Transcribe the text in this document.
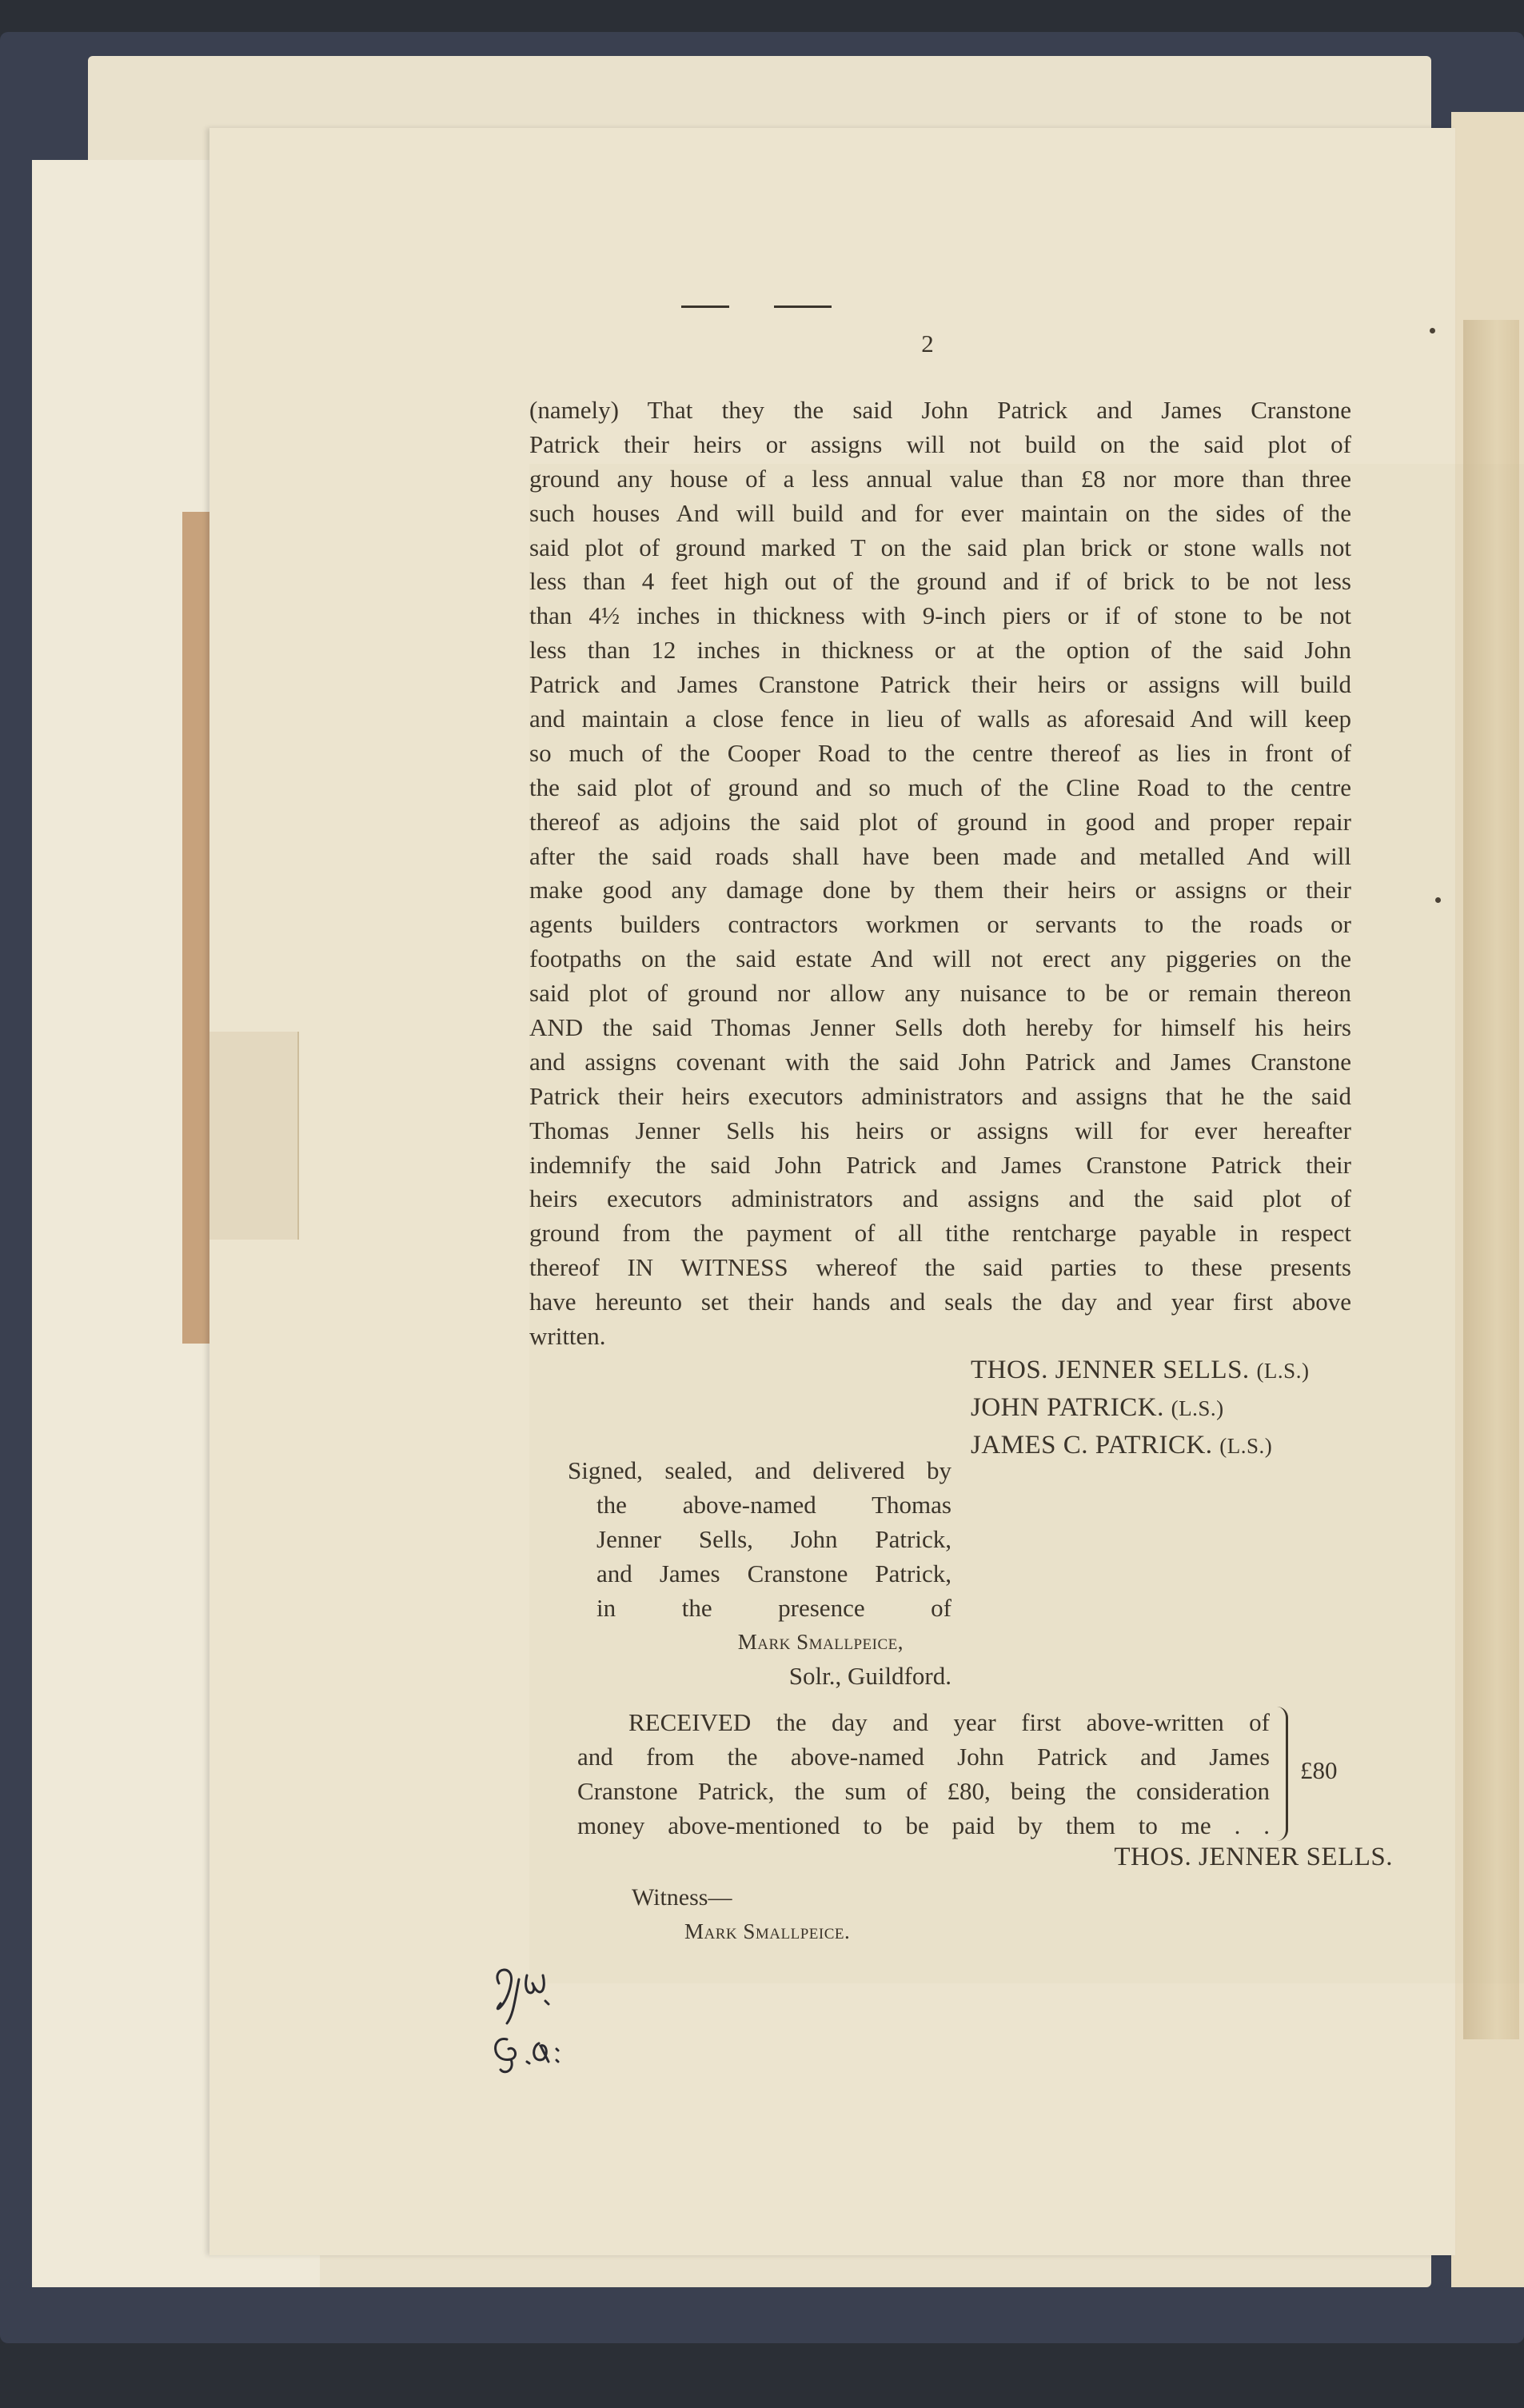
2
(namely) That they the said John Patrick and James Cranstone
Patrick their heirs or assigns will not build on the said plot of
ground any house of a less annual value than £8 nor more than three
such houses And will build and for ever maintain on the sides of the
said plot of ground marked T on the said plan brick or stone walls not
less than 4 feet high out of the ground and if of brick to be not less
than 4½ inches in thickness with 9-inch piers or if of stone to be not
less than 12 inches in thickness or at the option of the said John
Patrick and James Cranstone Patrick their heirs or assigns will build
and maintain a close fence in lieu of walls as aforesaid And will keep
so much of the Cooper Road to the centre thereof as lies in front of
the said plot of ground and so much of the Cline Road to the centre
thereof as adjoins the said plot of ground in good and proper repair
after the said roads shall have been made and metalled And will
make good any damage done by them their heirs or assigns or their
agents builders contractors workmen or servants to the roads or
footpaths on the said estate And will not erect any piggeries on the
said plot of ground nor allow any nuisance to be or remain thereon
AND the said Thomas Jenner Sells doth hereby for himself his heirs
and assigns covenant with the said John Patrick and James Cranstone
Patrick their heirs executors administrators and assigns that he the said
Thomas Jenner Sells his heirs or assigns will for ever hereafter
indemnify the said John Patrick and James Cranstone Patrick their
heirs executors administrators and assigns and the said plot of
ground from the payment of all tithe rentcharge payable in respect
thereof IN WITNESS whereof the said parties to these presents
have hereunto set their hands and seals the day and year first above
written.
THOS. JENNER SELLS. (L.S.)
JOHN PATRICK. (L.S.)
JAMES C. PATRICK. (L.S.)
Signed, sealed, and delivered by
the above-named Thomas
Jenner Sells, John Patrick,
and James Cranstone Patrick,
in the presence of
Mark Smallpeice,
Solr., Guildford.
RECEIVED the day and year first above-written of
and from the above-named John Patrick and James
Cranstone Patrick, the sum of £80, being the consideration
money above-mentioned to be paid by them to me . .
£80
THOS. JENNER SELLS.
Witness—
Mark Smallpeice.
